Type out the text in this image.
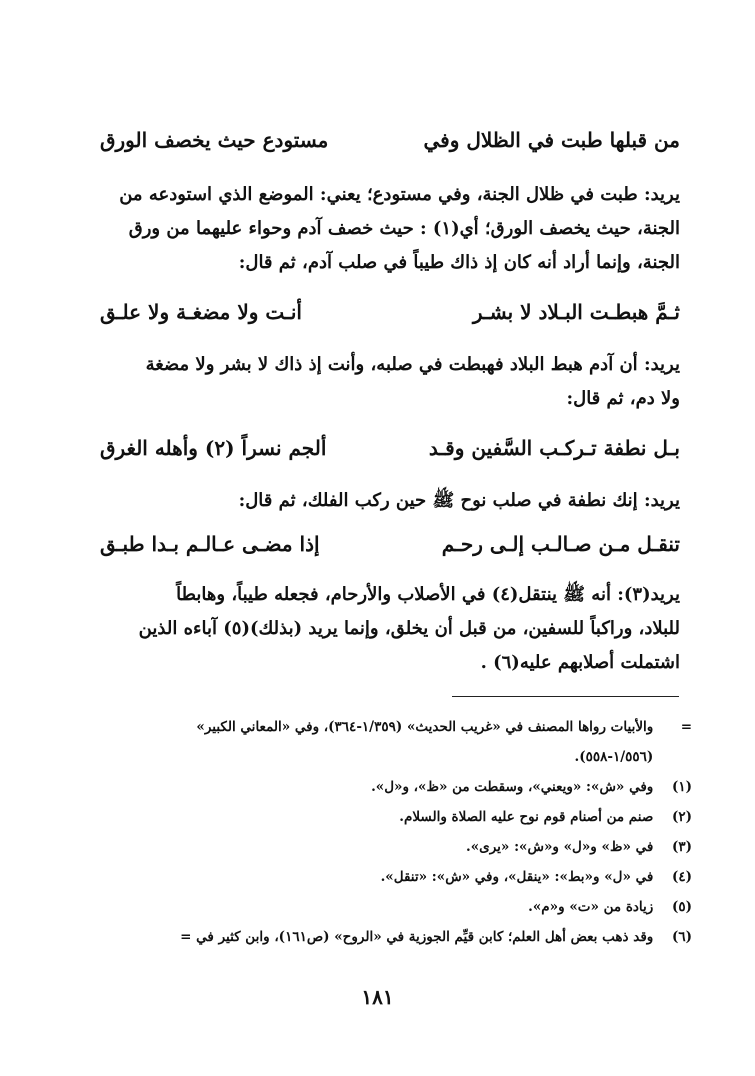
من قبلها طبت في الظلال وفي
مستودع حيث يخصف الورق
يريد: طبت في ظلال الجنة، وفي مستودع؛ يعني: الموضع الذي استودعه من
الجنة، حيث يخصف الورق؛ أي(١) : حيث خصف آدم وحواء عليهما من ورق
الجنة، وإنما أراد أنه كان إذ ذاك طيباً في صلب آدم، ثم قال:
ثـمَّ هبطـت البـلاد لا بشـر
أنـت ولا مضغـة ولا علـق
يريد: أن آدم هبط البلاد فهبطت في صلبه، وأنت إذ ذاك لا بشر ولا مضغة
ولا دم، ثم قال:
بـل نطفة تـركـب السَّفين وقـد
ألجم نسراً (٢) وأهله الغرق
يريد: إنك نطفة في صلب نوح ﷺ حين ركب الفلك، ثم قال:
تنقـل مـن صـالـب إلـى رحـم
إذا مضـى عـالـم بـدا طبـق
يريد(٣): أنه ﷺ ينتقل(٤) في الأصلاب والأرحام، فجعله طيباً، وهابطاً
للبلاد، وراكباً للسفين، من قبل أن يخلق، وإنما يريد (بذلك)(٥) آباءه الذين
اشتملت أصلابهم عليه(٦) .
= والأبيات رواها المصنف في «غريب الحديث» (١/٣٥٩-٣٦٤)، وفي «المعاني الكبير»
(١/٥٥٦-٥٥٨).
(١) وفي «ش»: «ويعني»، وسقطت من «ظ»، و«ل».
(٢) صنم من أصنام قوم نوح عليه الصلاة والسلام.
(٣) في «ظ» و«ل» و«ش»: «يرى».
(٤) في «ل» و«بط»: «ينقل»، وفي «ش»: «تنقل».
(٥) زيادة من «ت» و«م».
(٦) وقد ذهب بعض أهل العلم؛ كابن قيِّم الجوزية في «الروح» (ص١٦١)، وابن كثير في =
١٨١
